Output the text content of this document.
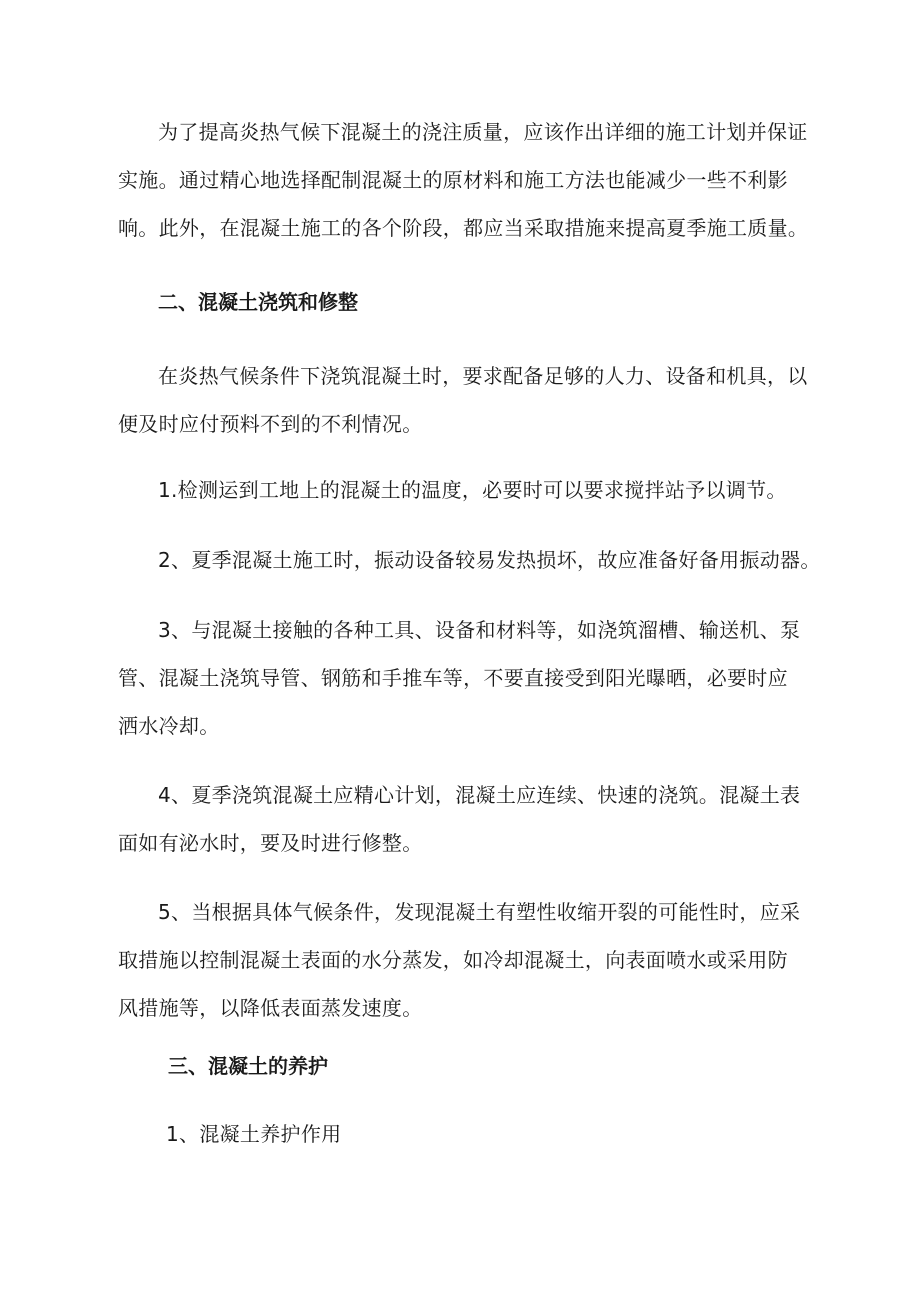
为了提高炎热气候下混凝土的浇注质量，应该作出详细的施工计划并保证
实施。通过精心地选择配制混凝土的原材料和施工方法也能减少一些不利影
响。此外，在混凝土施工的各个阶段，都应当采取措施来提高夏季施工质量。
二、混凝土浇筑和修整
在炎热气候条件下浇筑混凝土时，要求配备足够的人力、设备和机具，以
便及时应付预料不到的不利情况。
1.检测运到工地上的混凝土的温度，必要时可以要求搅拌站予以调节。
2、夏季混凝土施工时，振动设备较易发热损坏，故应准备好备用振动器。
3、与混凝土接触的各种工具、设备和材料等，如浇筑溜槽、输送机、泵
管、混凝土浇筑导管、钢筋和手推车等，不要直接受到阳光曝晒，必要时应
洒水冷却。
4、夏季浇筑混凝土应精心计划，混凝土应连续、快速的浇筑。混凝土表
面如有泌水时，要及时进行修整。
5、当根据具体气候条件，发现混凝土有塑性收缩开裂的可能性时，应采
取措施以控制混凝土表面的水分蒸发，如冷却混凝土，向表面喷水或采用防
风措施等，以降低表面蒸发速度。
三、混凝土的养护
1、混凝土养护作用
